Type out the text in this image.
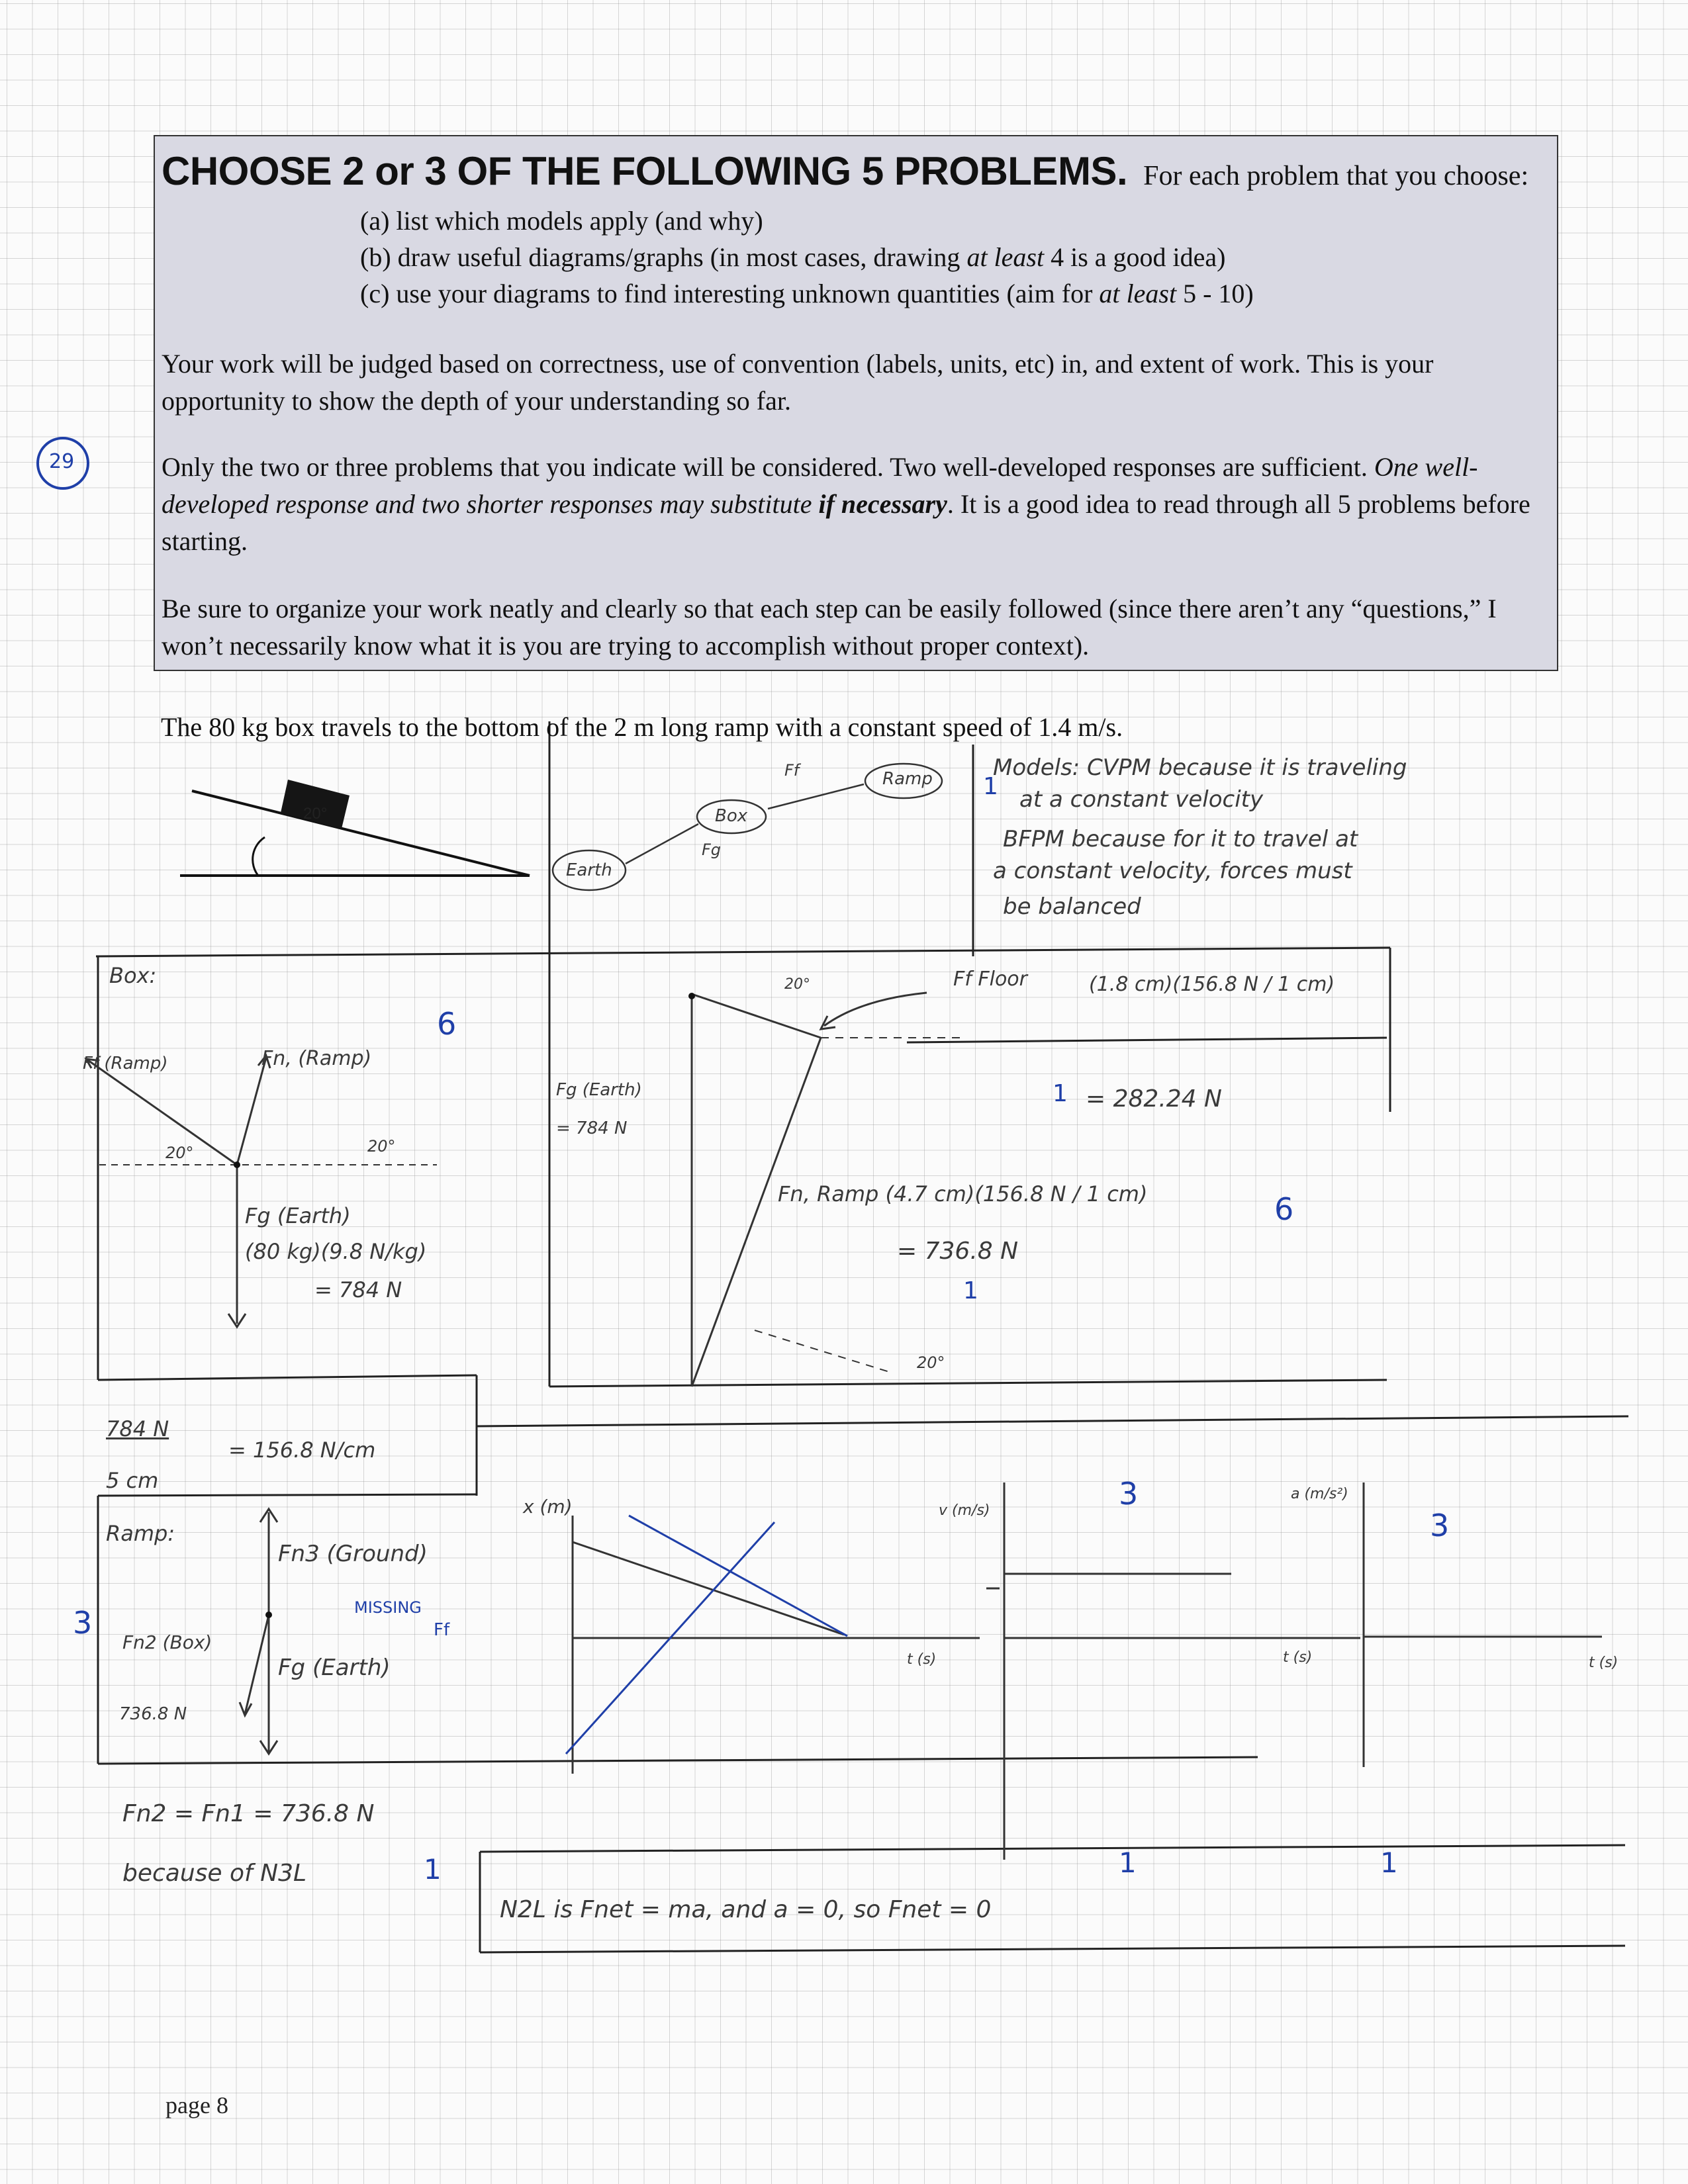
CHOOSE 2 or 3 OF THE FOLLOWING 5 PROBLEMS. For each problem that you choose:
(a) list which models apply (and why)
(b) draw useful diagrams/graphs (in most cases, drawing at least 4 is a good idea)
(c) use your diagrams to find interesting unknown quantities (aim for at least 5 - 10)
Your work will be judged based on correctness, use of convention (labels, units, etc) in, and extent of work. This is your opportunity to show the depth of your understanding so far.
Only the two or three problems that you indicate will be considered. Two well-developed responses are sufficient. One well-developed response and two shorter responses may substitute if necessary. It is a good idea to read through all 5 problems before starting.
Be sure to organize your work neatly and clearly so that each step can be easily followed (since there aren’t any “questions,” I won’t necessarily know what it is you are trying to accomplish without proper context).
The 80 kg box travels to the bottom of the 2 m long ramp with a constant speed of 1.4 m/s.
20°
29
Ramp
Box
Earth
Ff
Fg
Models: CVPM because it is traveling
at a constant velocity
BFPM because for it to travel at
a constant velocity, forces must
be balanced
Box:
Ff (Ramp)	Fn, (Ramp)
20°	20°
Fg (Earth)
(80 kg)(9.8 N/kg)
= 784 N
Ff Floor	(1.8 cm)(156.8 N / 1 cm)
= 282.24 N
Fg (Earth)
= 784 N
20°
Fn, Ramp (4.7 cm)(156.8 N / 1 cm)
= 736.8 N
20°
784 N
5 cm
= 156.8 N/cm
Ramp:
Fn3 (Ground)
Fn2 (Box)
736.8 N
Fg (Earth)
x (m)
t (s)
v (m/s)
t (s)
a (m/s²)
t (s)
Fn2 = Fn1 = 736.8 N
because of N3L
N2L is Fnet = ma, and a = 0, so Fnet = 0
1
6
1
6
1
3	MISSING
Ff
3
3
1	1	1
page 8
